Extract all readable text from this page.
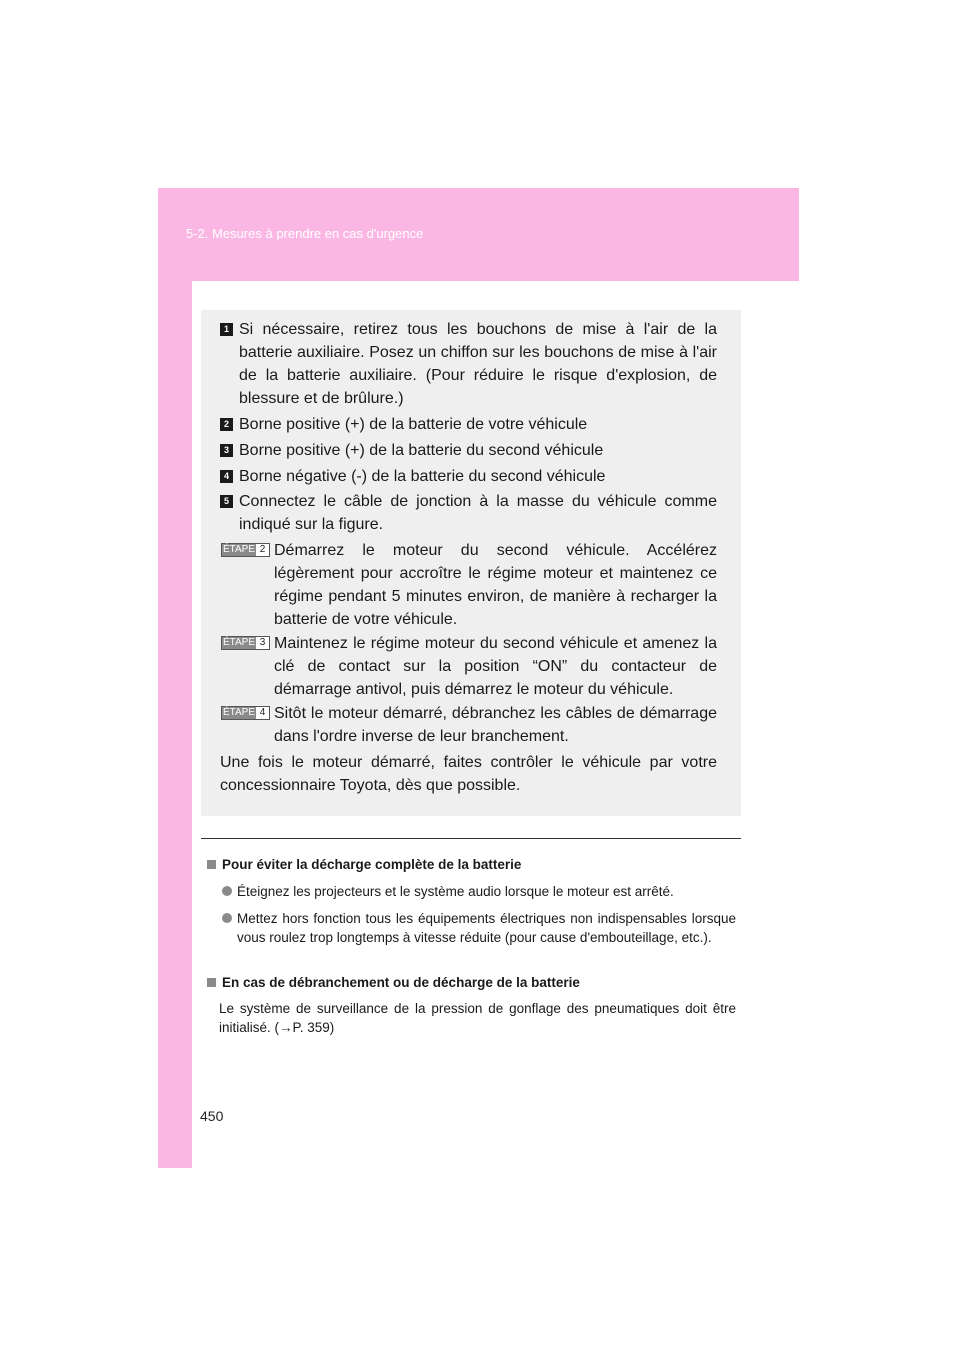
5-2. Mesures à prendre en cas d'urgence
1 Si nécessaire, retirez tous les bouchons de mise à l'air de la batterie auxiliaire. Posez un chiffon sur les bouchons de mise à l'air de la batterie auxiliaire. (Pour réduire le risque d'explosion, de blessure et de brûlure.)
2 Borne positive (+) de la batterie de votre véhicule
3 Borne positive (+) de la batterie du second véhicule
4 Borne négative (-) de la batterie du second véhicule
5 Connectez le câble de jonction à la masse du véhicule comme indiqué sur la figure.
ÉTAPE 2 Démarrez le moteur du second véhicule. Accélérez légèrement pour accroître le régime moteur et maintenez ce régime pendant 5 minutes environ, de manière à recharger la batterie de votre véhicule.
ÉTAPE 3 Maintenez le régime moteur du second véhicule et amenez la clé de contact sur la position “ON” du contacteur de démarrage antivol, puis démarrez le moteur du véhicule.
ÉTAPE 4 Sitôt le moteur démarré, débranchez les câbles de démarrage dans l'ordre inverse de leur branchement.
Une fois le moteur démarré, faites contrôler le véhicule par votre concessionnaire Toyota, dès que possible.
Pour éviter la décharge complète de la batterie
Éteignez les projecteurs et le système audio lorsque le moteur est arrêté.
Mettez hors fonction tous les équipements électriques non indispensables lorsque vous roulez trop longtemps à vitesse réduite (pour cause d'embouteillage, etc.).
En cas de débranchement ou de décharge de la batterie
Le système de surveillance de la pression de gonflage des pneumatiques doit être initialisé. (→P. 359)
450
